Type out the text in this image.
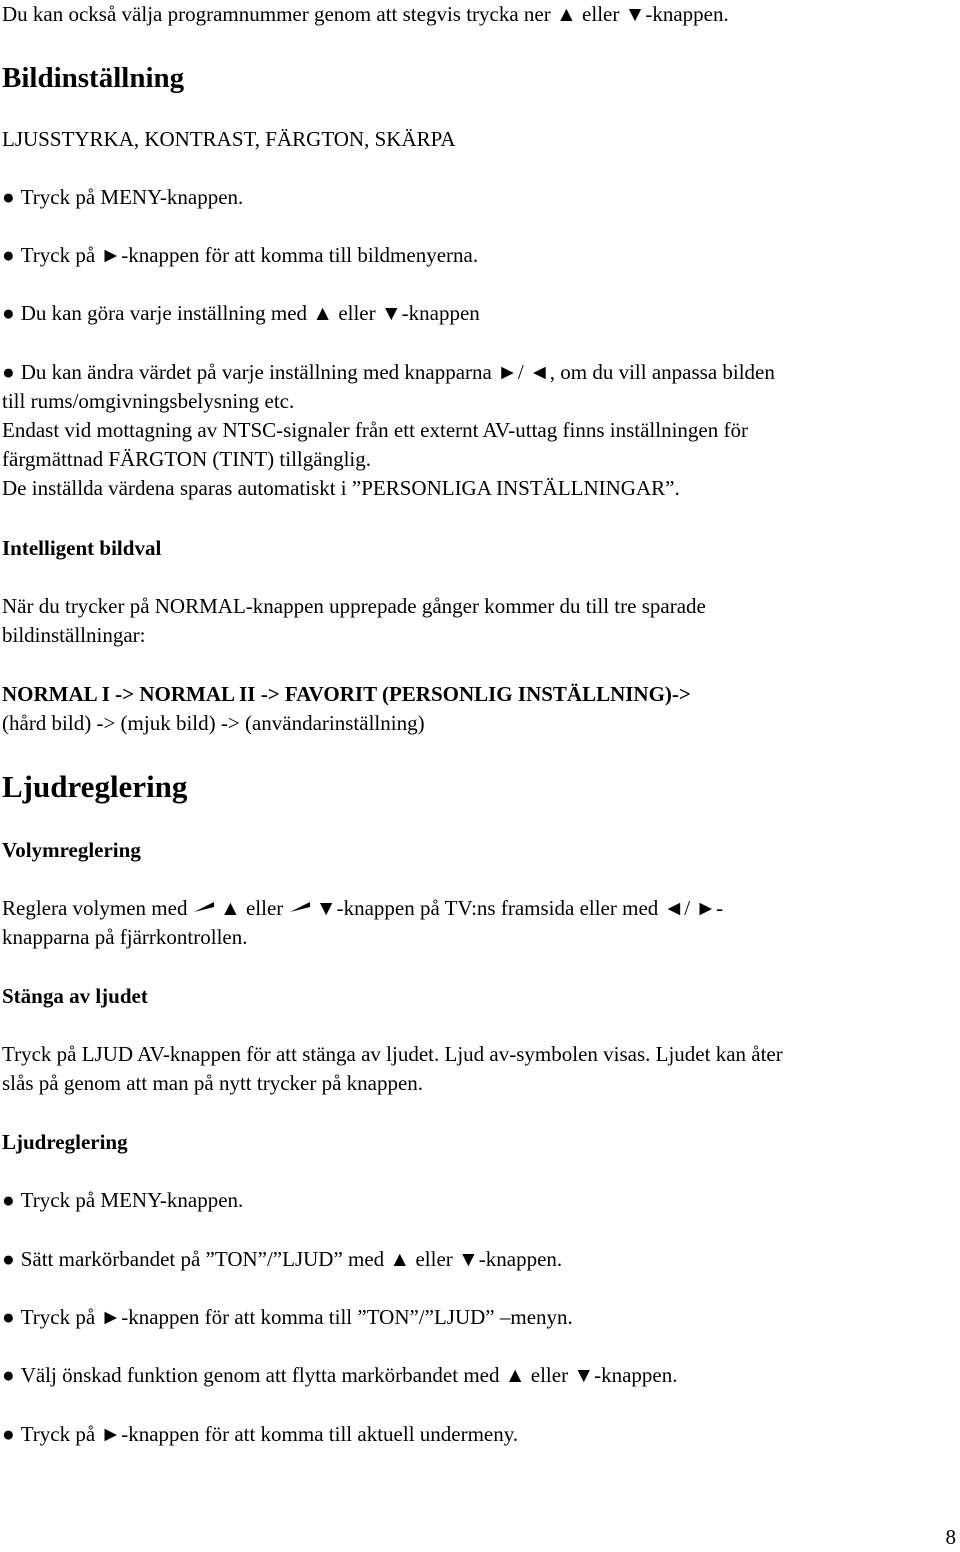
Du kan också välja programnummer genom att stegvis trycka ner ▲ eller ▼-knappen.
Bildinställning
LJUSSTYRKA, KONTRAST, FÄRGTON, SKÄRPA
● Tryck på MENY-knappen.
● Tryck på ►-knappen för att komma till bildmenyerna.
● Du kan göra varje inställning med ▲ eller ▼-knappen
● Du kan ändra värdet på varje inställning med knapparna ►/ ◄, om du vill anpassa bilden
till rums/omgivningsbelysning etc.
Endast vid mottagning av NTSC-signaler från ett externt AV-uttag finns inställningen för
färgmättnad FÄRGTON (TINT) tillgänglig.
De inställda värdena sparas automatiskt i ”PERSONLIGA INSTÄLLNINGAR”.
Intelligent bildval
När du trycker på NORMAL-knappen upprepade gånger kommer du till tre sparade
bildinställningar:
NORMAL I -> NORMAL II -> FAVORIT (PERSONLIG INSTÄLLNING)->
(hård bild) -> (mjuk bild) -> (användarinställning)
Ljudreglering
Volymreglering
Reglera volymen med ▲ eller ▼-knappen på TV:ns framsida eller med ◄/ ►-
knapparna på fjärrkontrollen.
Stänga av ljudet
Tryck på LJUD AV-knappen för att stänga av ljudet. Ljud av-symbolen visas. Ljudet kan åter
slås på genom att man på nytt trycker på knappen.
Ljudreglering
● Tryck på MENY-knappen.
● Sätt markörbandet på ”TON”/”LJUD” med ▲ eller ▼-knappen.
● Tryck på ►-knappen för att komma till ”TON”/”LJUD” –menyn.
● Välj önskad funktion genom att flytta markörbandet med ▲ eller ▼-knappen.
● Tryck på ►-knappen för att komma till aktuell undermeny.
8
